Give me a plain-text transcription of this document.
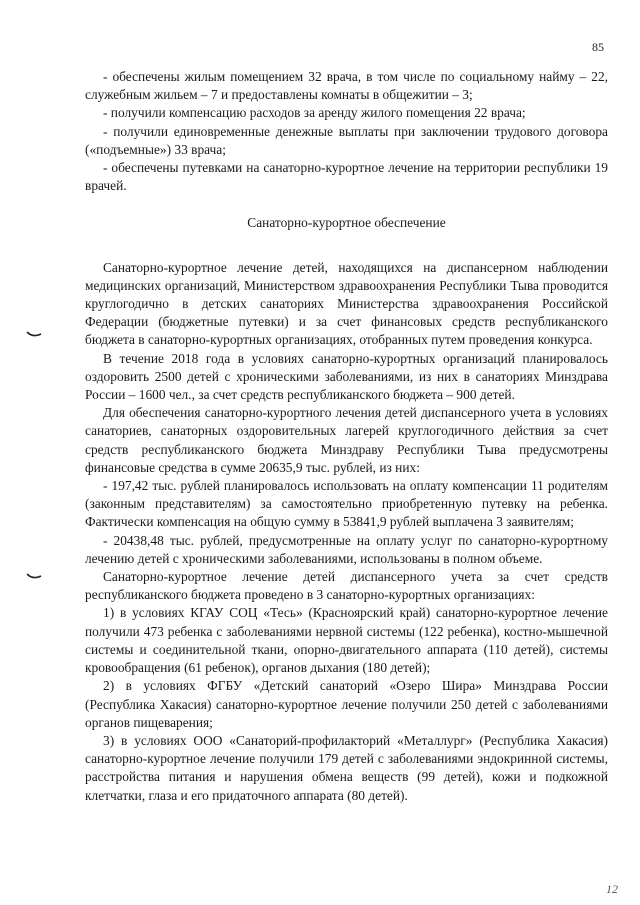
85

- обеспечены жилым помещением 32 врача, в том числе по социальному найму – 22, служебным жильем – 7 и предоставлены комнаты в общежитии – 3;

- получили компенсацию расходов за аренду жилого помещения 22 врача;

- получили единовременные денежные выплаты при заключении трудового договора («подъемные») 33 врача;

- обеспечены путевками на санаторно-курортное лечение на территории республики 19 врачей.

Санаторно-курортное обеспечение

Санаторно-курортное лечение детей, находящихся на диспансерном наблюдении медицинских организаций, Министерством здравоохранения Республики Тыва проводится круглогодично в детских санаториях Министерства здравоохранения Российской Федерации (бюджетные путевки) и за счет финансовых средств республиканского бюджета в санаторно-курортных организациях, отобранных путем проведения конкурса.

В течение 2018 года в условиях санаторно-курортных организаций планировалось оздоровить 2500 детей с хроническими заболеваниями, из них в санаториях Минздрава России – 1600 чел., за счет средств республиканского бюджета – 900 детей.

Для обеспечения санаторно-курортного лечения детей диспансерного учета в условиях санаториев, санаторных оздоровительных лагерей круглогодичного действия за счет средств республиканского бюджета Минздраву Республики Тыва предусмотрены финансовые средства в сумме 20635,9 тыс. рублей, из них:

- 197,42 тыс. рублей планировалось использовать на оплату компенсации 11 родителям (законным представителям) за самостоятельно приобретенную путевку на ребенка. Фактически компенсация на общую сумму в 53841,9 рублей выплачена 3 заявителям;

- 20438,48 тыс. рублей, предусмотренные на оплату услуг по санаторно-курортному лечению детей с хроническими заболеваниями, использованы в полном объеме.

Санаторно-курортное лечение детей диспансерного учета за счет средств республиканского бюджета проведено в 3 санаторно-курортных организациях:

1) в условиях КГАУ СОЦ «Тесь» (Красноярский край) санаторно-курортное лечение получили 473 ребенка с заболеваниями нервной системы (122 ребенка), костно-мышечной системы и соединительной ткани, опорно-двигательного аппарата (110 детей), системы кровообращения (61 ребенок), органов дыхания (180 детей);

2) в условиях ФГБУ «Детский санаторий «Озеро Шира» Минздрава России (Республика Хакасия) санаторно-курортное лечение получили 250 детей с заболеваниями органов пищеварения;

3) в условиях ООО «Санаторий-профилакторий «Металлург» (Республика Хакасия) санаторно-курортное лечение получили 179 детей с заболеваниями эндокринной системы, расстройства питания и нарушения обмена веществ (99 детей), кожи и подкожной клетчатки, глаза и его придаточного аппарата (80 детей).

12
